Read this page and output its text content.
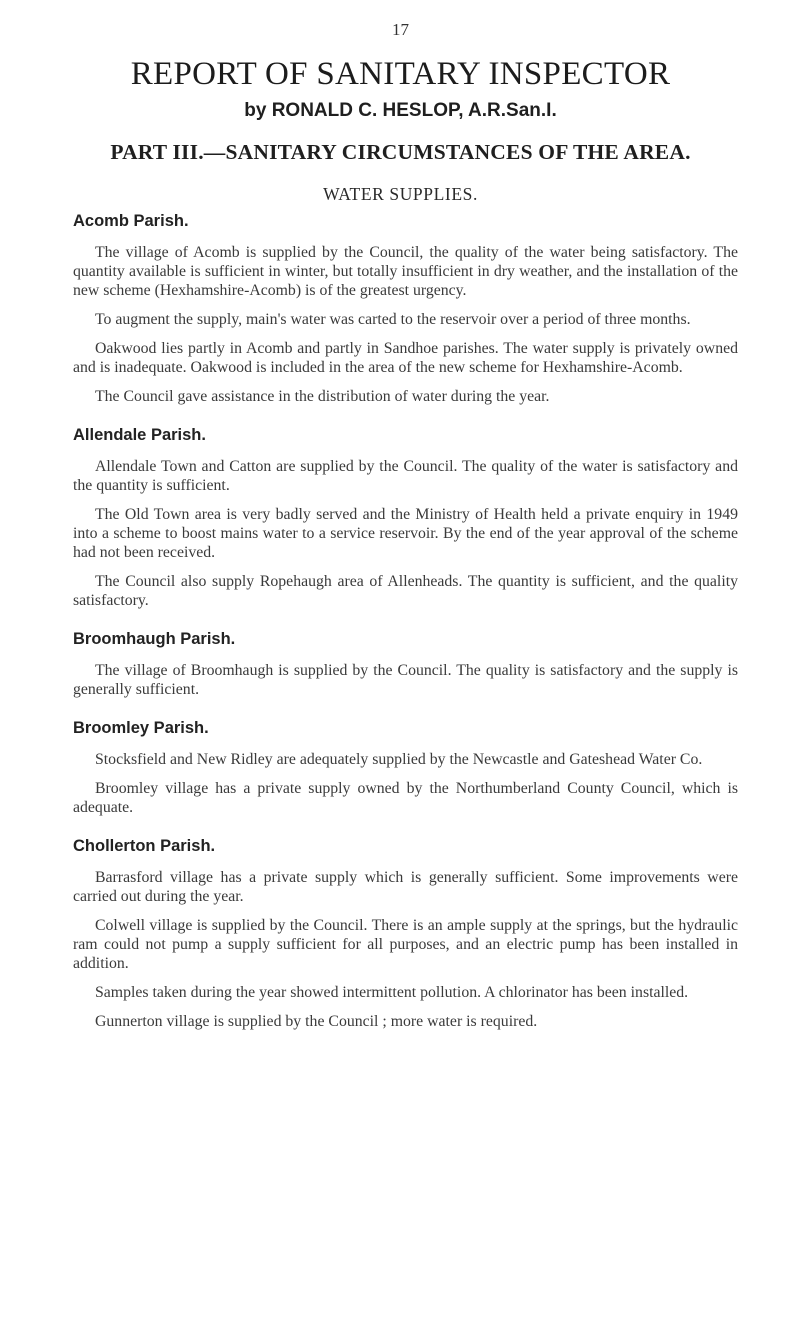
17
REPORT OF SANITARY INSPECTOR
by RONALD C. HESLOP, A.R.San.I.
PART III.—SANITARY CIRCUMSTANCES OF THE AREA.
WATER SUPPLIES.
Acomb Parish.

The village of Acomb is supplied by the Council, the quality of the water being satisfactory. The quantity available is sufficient in winter, but totally insufficient in dry weather, and the installation of the new scheme (Hexhamshire-Acomb) is of the greatest urgency.

To augment the supply, main's water was carted to the reservoir over a period of three months.

Oakwood lies partly in Acomb and partly in Sandhoe parishes. The water supply is privately owned and is inadequate. Oakwood is included in the area of the new scheme for Hexhamshire-Acomb.

The Council gave assistance in the distribution of water during the year.

Allendale Parish.

Allendale Town and Catton are supplied by the Council. The quality of the water is satisfactory and the quantity is sufficient.

The Old Town area is very badly served and the Ministry of Health held a private enquiry in 1949 into a scheme to boost mains water to a service reservoir. By the end of the year approval of the scheme had not been received.

The Council also supply Ropehaugh area of Allenheads. The quantity is sufficient, and the quality satisfactory.

Broomhaugh Parish.

The village of Broomhaugh is supplied by the Council. The quality is satisfactory and the supply is generally sufficient.

Broomley Parish.

Stocksfield and New Ridley are adequately supplied by the Newcastle and Gateshead Water Co.

Broomley village has a private supply owned by the Northumberland County Council, which is adequate.

Chollerton Parish.

Barrasford village has a private supply which is generally sufficient. Some improvements were carried out during the year.

Colwell village is supplied by the Council. There is an ample supply at the springs, but the hydraulic ram could not pump a supply sufficient for all purposes, and an electric pump has been installed in addition.

Samples taken during the year showed intermittent pollution. A chlorinator has been installed.

Gunnerton village is supplied by the Council ; more water is required.
